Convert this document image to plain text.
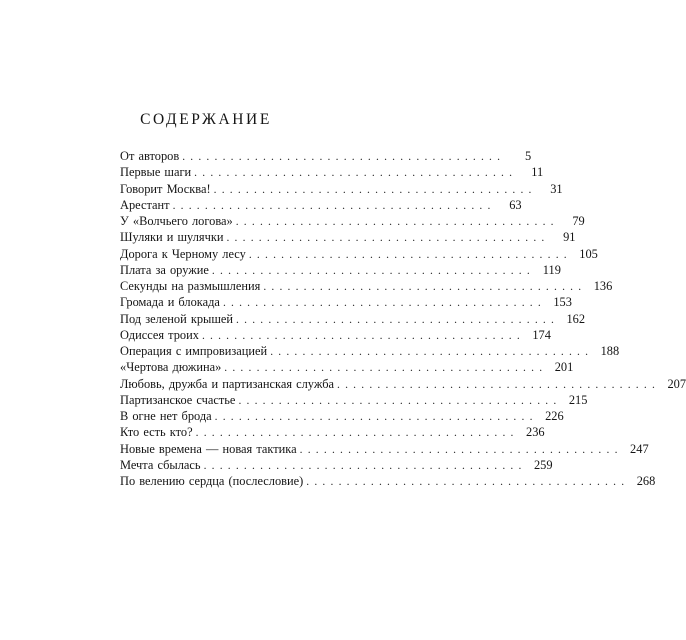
СОДЕРЖАНИЕ
От авторов ........................................	5
Первые шаги ........................................	11
Говорит Москва! ........................................	31
Арестант ........................................	63
У «Волчьего логова» ........................................	79
Шуляки и шулячки ........................................	91
Дорога к Черному лесу ........................................ 105
Плата за оружие ........................................ 119
Секунды на размышления ........................................ 136
Громада и блокада ........................................ 153
Под зеленой крышей ........................................ 162
Одиссея троих ........................................ 174
Операция с импровизацией ........................................ 188
«Чертова дюжина» ........................................ 201
Любовь, дружба и партизанская служба ........................................ 207
Партизанское счастье ........................................ 215
В огне нет брода ........................................ 226
Кто есть кто? ........................................ 236
Новые времена — новая тактика ........................................ 247
Мечта сбылась ........................................ 259
По велению сердца (послесловие) ........................................ 268
